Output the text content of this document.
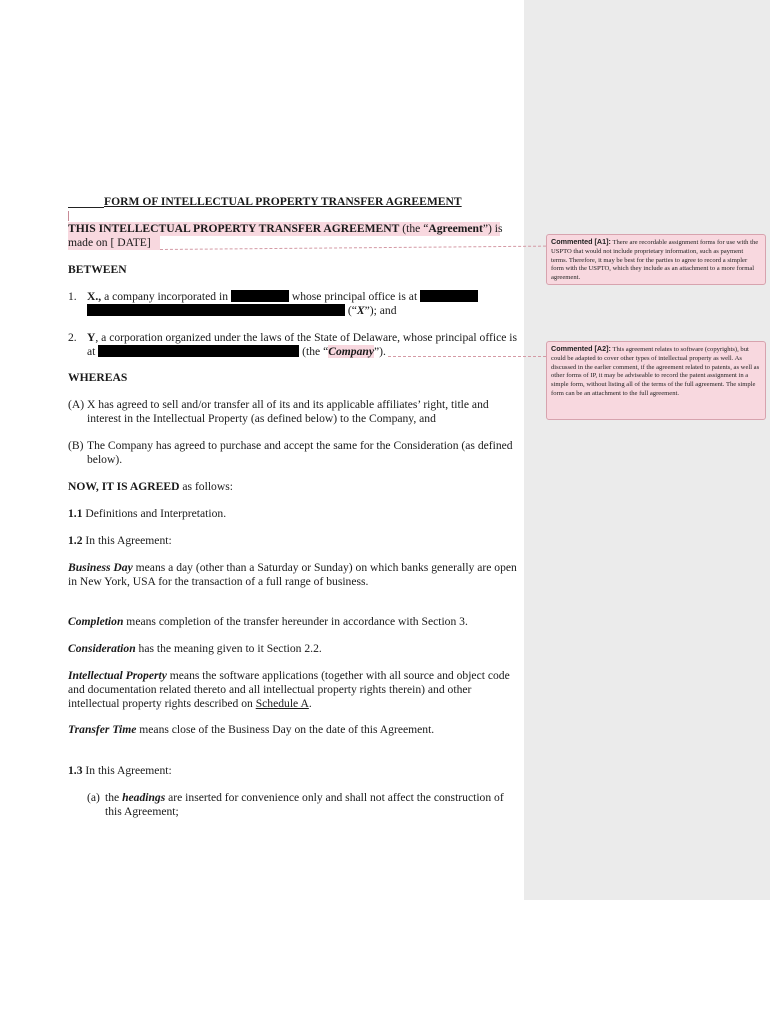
Commented [A1]: There are recordable assignment forms for use with the USPTO that would not include proprietary information, such as payment terms. Therefore, it may be best for the parties to agree to record a simpler form with the USPTO, which they include as an attachment to a more formal agreement.
Commented [A2]: This agreement relates to software (copyrights), but could be adapted to cover other types of intellectual property as well. As discussed in the earlier comment, if the agreement related to patents, as well as other forms of IP, it may be adviseable to record the patent assignment in a simple form, without listing all of the terms of the full agreement. The simple form can be an attachment to the full agreement.
FORM OF INTELLECTUAL PROPERTY TRANSFER AGREEMENT
THIS INTELLECTUAL PROPERTY TRANSFER AGREEMENT (the “Agreement”) is
made on [ DATE]
BETWEEN
1. X., a company incorporated in	whose principal office is at
(“X”); and
2. Y, a corporation organized under the laws of the State of Delaware, whose principal office is
at	(the “Company”).
WHEREAS
(A) X has agreed to sell and/or transfer all of its and its applicable affiliates’ right, title and
interest in the Intellectual Property (as defined below) to the Company, and
(B) The Company has agreed to purchase and accept the same for the Consideration (as defined
below).
NOW, IT IS AGREED as follows:
1.1 Definitions and Interpretation.
1.2 In this Agreement:
Business Day means a day (other than a Saturday or Sunday) on which banks generally are open
in New York, USA for the transaction of a full range of business.
Completion means completion of the transfer hereunder in accordance with Section 3.
Consideration has the meaning given to it Section 2.2.
Intellectual Property means the software applications (together with all source and object code
and documentation related thereto and all intellectual property rights therein) and other
intellectual property rights described on Schedule A.
Transfer Time means close of the Business Day on the date of this Agreement.
1.3 In this Agreement:
(a) the headings are inserted for convenience only and shall not affect the construction of
this Agreement;
